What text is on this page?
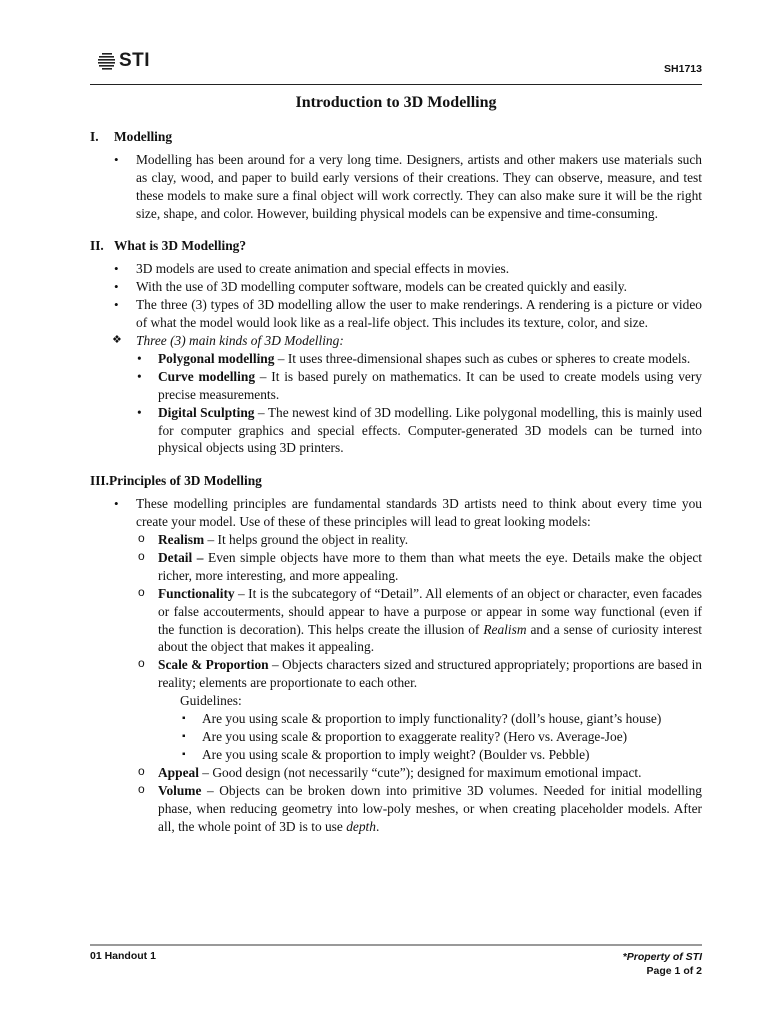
STI	SH1713
Introduction to 3D Modelling
I.	Modelling
• Modelling has been around for a very long time. Designers, artists and other makers use materials such as clay, wood, and paper to build early versions of their creations. They can observe, measure, and test these models to make sure a final object will work correctly. They can also make sure it will be the right size, shape, and color. However, building physical models can be expensive and time-consuming.
II. What is 3D Modelling?
• 3D models are used to create animation and special effects in movies.
• With the use of 3D modelling computer software, models can be created quickly and easily.
• The three (3) types of 3D modelling allow the user to make renderings. A rendering is a picture or video of what the model would look like as a real-life object. This includes its texture, color, and size.
❖ Three (3) main kinds of 3D Modelling:
• Polygonal modelling – It uses three-dimensional shapes such as cubes or spheres to create models.
• Curve modelling – It is based purely on mathematics. It can be used to create models using very precise measurements.
• Digital Sculpting – The newest kind of 3D modelling. Like polygonal modelling, this is mainly used for computer graphics and special effects. Computer-generated 3D models can be turned into physical objects using 3D printers.
III. Principles of 3D Modelling
• These modelling principles are fundamental standards 3D artists need to think about every time you create your model. Use of these of these principles will lead to great looking models:
o Realism – It helps ground the object in reality.
o Detail – Even simple objects have more to them than what meets the eye. Details make the object richer, more interesting, and more appealing.
o Functionality – It is the subcategory of “Detail”. All elements of an object or character, even facades or false accouterments, should appear to have a purpose or appear in some way functional (even if the function is decoration). This helps create the illusion of Realism and a sense of curiosity interest about the object that makes it appealing.
o Scale & Proportion – Objects characters sized and structured appropriately; proportions are based in reality; elements are proportionate to each other.
Guidelines:
▪ Are you using scale & proportion to imply functionality? (doll’s house, giant’s house)
▪ Are you using scale & proportion to exaggerate reality? (Hero vs. Average-Joe)
▪ Are you using scale & proportion to imply weight? (Boulder vs. Pebble)
o Appeal – Good design (not necessarily “cute”); designed for maximum emotional impact.
o Volume – Objects can be broken down into primitive 3D volumes. Needed for initial modelling phase, when reducing geometry into low-poly meshes, or when creating placeholder models. After all, the whole point of 3D is to use depth.
01 Handout 1	*Property of STI
Page 1 of 2
